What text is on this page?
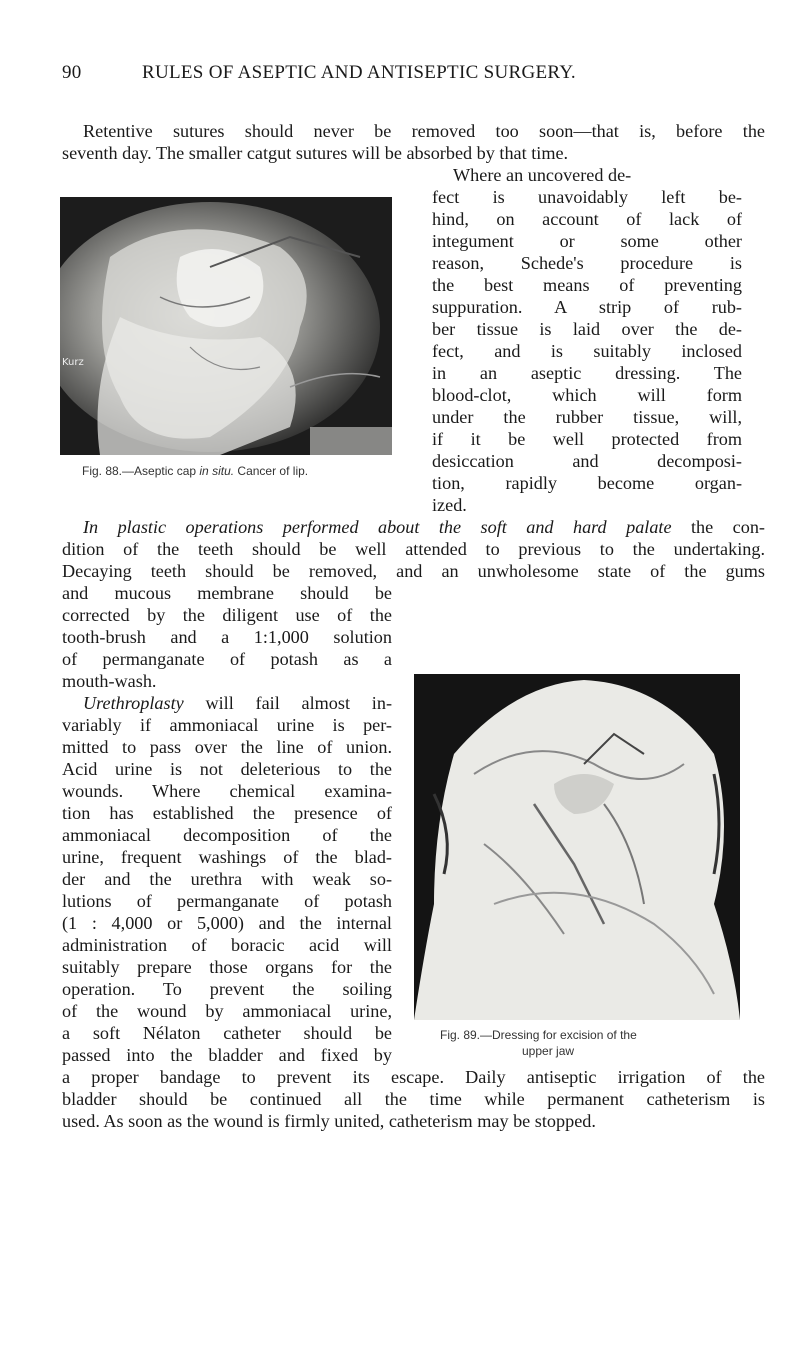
90	RULES OF ASEPTIC AND ANTISEPTIC SURGERY.
Retentive sutures should never be removed too soon—that is, before the
seventh day. The smaller catgut sutures will be absorbed by that time.
Kurz
Fig. 88.—Aseptic cap in situ. Cancer of lip.
Where an uncovered de-
fect is unavoidably left be-
hind, on account of lack of
integument or some other
reason, Schede's procedure is
the best means of preventing
suppuration. A strip of rub-
ber tissue is laid over the de-
fect, and is suitably inclosed
in an aseptic dressing. The
blood-clot, which will form
under the rubber tissue, will,
if it be well protected from
desiccation and decomposi-
tion, rapidly become organ-
ized.
In plastic operations performed about the soft and hard palate the con-
dition of the teeth should be well attended to previous to the undertaking.
Decaying teeth should be removed, and an unwholesome state of the gums
and mucous membrane should be
corrected by the diligent use of the
tooth-brush and a 1:1,000 solution
of permanganate of potash as a
mouth-wash.
Fig. 89.—Dressing for excision of the
upper jaw
Urethroplasty will fail almost in-
variably if ammoniacal urine is per-
mitted to pass over the line of union.
Acid urine is not deleterious to the
wounds. Where chemical examina-
tion has established the presence of
ammoniacal decomposition of the
urine, frequent washings of the blad-
der and the urethra with weak so-
lutions of permanganate of potash
(1 : 4,000 or 5,000) and the internal
administration of boracic acid will
suitably prepare those organs for the
operation. To prevent the soiling
of the wound by ammoniacal urine,
a soft Nélaton catheter should be
passed into the bladder and fixed by
a proper bandage to prevent its escape. Daily antiseptic irrigation of the
bladder should be continued all the time while permanent catheterism is
used. As soon as the wound is firmly united, catheterism may be stopped.
